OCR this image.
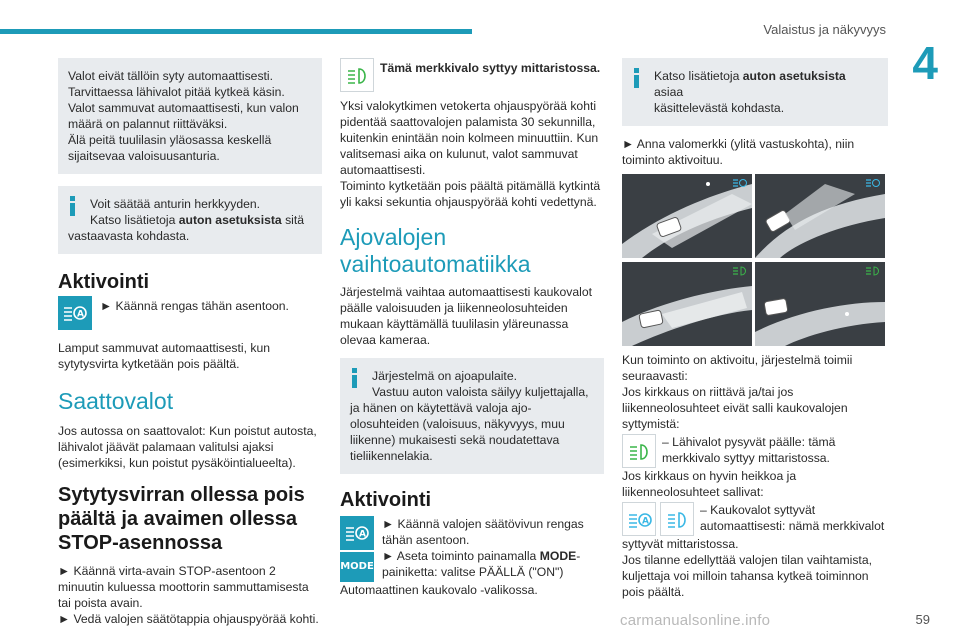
Valaistus ja näkyvyys
4

Valot eivät tällöin syty automaattisesti.

Tarvittaessa lähivalot pitää kytkeä käsin.

Valot sammuvat automaattisesti, kun valon

määrä on palannut riittäväksi.

Älä peitä tuulilasin yläosassa keskellä

sijaitsevaa valoisuusanturia.

Voit säätää anturin herkkyyden.

Katso lisätietoja auton asetuksista sitä

vastaavasta kohdasta.

Aktivointi
A

► Käännä rengas tähän asentoon.

Lamput sammuvat automaattisesti, kun

sytytysvirta kytketään pois päältä.

Saattovalot

Jos autossa on saattovalot: Kun poistut autosta,

lähivalot jäävät palamaan valitulsi ajaksi

(esimerkiksi, kun poistut pysäköintialueelta).

Sytytysvirran ollessa pois
päältä ja avaimen ollessa
STOP-asennossa

► Käännä virta-avain STOP-asentoon 2

minuutin kuluessa moottorin sammuttamisesta

tai poista avain.

► Vedä valojen säätötappia ohjauspyörää kohti.

Tämä merkkivalo syttyy mittaristossa.

Yksi valokytkimen vetokerta ohjauspyörää kohti

pidentää saattovalojen palamista 30 sekunnilla,

kuitenkin enintään noin kolmeen minuuttiin. Kun

valitsemasi aika on kulunut, valot sammuvat

automaattisesti.

Toiminto kytketään pois päältä pitämällä kytkintä

yli kaksi sekuntia ohjauspyörää kohti vedettynä.

Ajovalojen
vaihtoautomatiikka

Järjestelmä vaihtaa automaattisesti kaukovalot

päälle valoisuuden ja liikenneolosuhteiden

mukaan käyttämällä tuulilasin yläreunassa

olevaa kameraa.

Järjestelmä on ajoapulaite.

Vastuu auton valoista säilyy kuljettajalla,

ja hänen on käytettävä valoja ajo-

olosuhteiden (valoisuus, näkyvyys, muu

liikenne) mukaisesti sekä noudatettava

tieliikennelakia.

Aktivointi
A
MODE

► Käännä valojen säätövivun rengas

tähän asentoon.

► Aseta toiminto painamalla MODE-

painiketta: valitse PÄÄLLÄ ("ON")

Automaattinen kaukovalo -valikossa.

Katso lisätietoja auton asetuksista asiaa

käsittelevästä kohdasta.

► Anna valomerkki (ylitä vastuskohta), niin

toiminto aktivoituu.

Kun toiminto on aktivoitu, järjestelmä toimii

seuraavasti:

Jos kirkkaus on riittävä ja/tai jos

liikenneolosuhteet eivät salli kaukovalojen

syttymistä:

– Lähivalot pysyvät päälle: tämä

merkkivalo syttyy mittaristossa.

Jos kirkkaus on hyvin heikkoa ja

liikenneolosuhteet sallivat:

A

– Kaukovalot syttyvät

automaattisesti: nämä merkkivalot

syttyvät mittaristossa.

Jos tilanne edellyttää valojen tilan vaihtamista,

kuljettaja voi milloin tahansa kytkeä toiminnon

pois päältä.

carmanualsonline.info	59
